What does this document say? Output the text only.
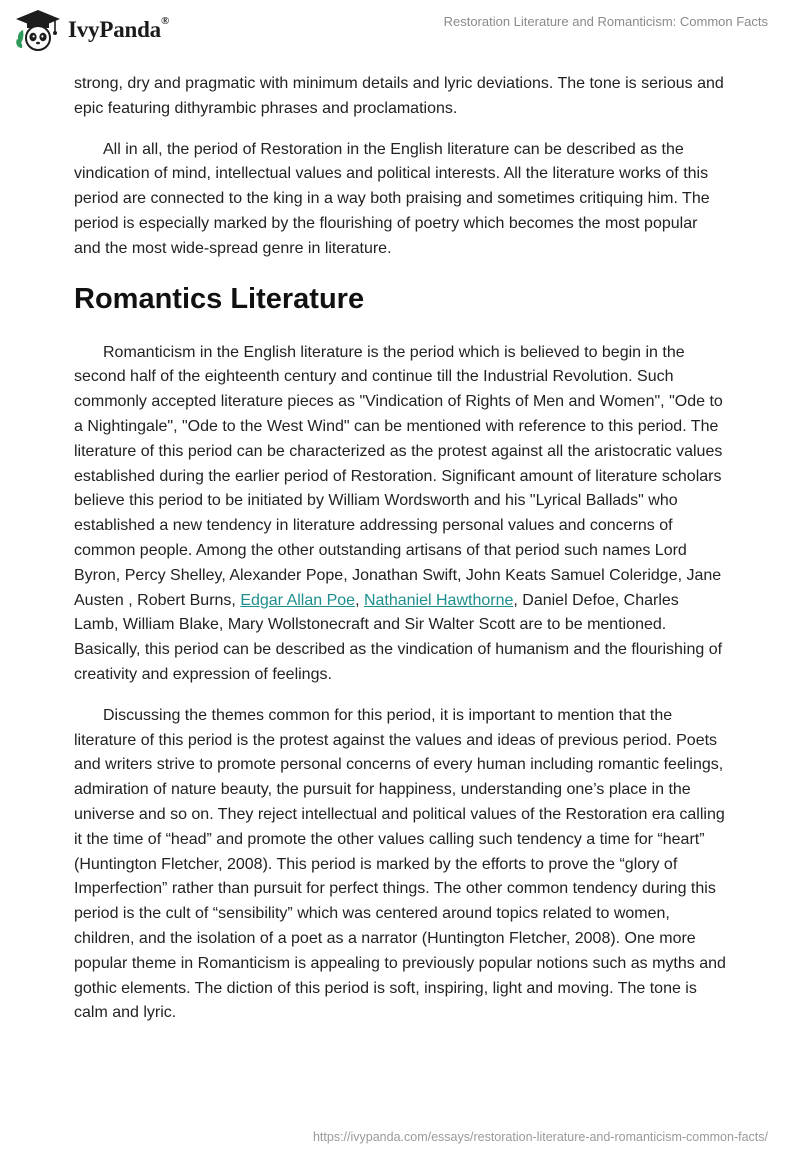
IvyPanda®	Restoration Literature and Romanticism: Common Facts

strong, dry and pragmatic with minimum details and lyric deviations. The tone is serious and epic featuring dithyrambic phrases and proclamations.

All in all, the period of Restoration in the English literature can be described as the vindication of mind, intellectual values and political interests. All the literature works of this period are connected to the king in a way both praising and sometimes critiquing him. The period is especially marked by the flourishing of poetry which becomes the most popular and the most wide-spread genre in literature.

Romantics Literature

Romanticism in the English literature is the period which is believed to begin in the second half of the eighteenth century and continue till the Industrial Revolution. Such commonly accepted literature pieces as "Vindication of Rights of Men and Women", "Ode to a Nightingale", "Ode to the West Wind" can be mentioned with reference to this period. The literature of this period can be characterized as the protest against all the aristocratic values established during the earlier period of Restoration. Significant amount of literature scholars believe this period to be initiated by William Wordsworth and his "Lyrical Ballads" who established a new tendency in literature addressing personal values and concerns of common people. Among the other outstanding artisans of that period such names Lord Byron, Percy Shelley, Alexander Pope, Jonathan Swift, John Keats Samuel Coleridge, Jane Austen , Robert Burns, Edgar Allan Poe, Nathaniel Hawthorne, Daniel Defoe, Charles Lamb, William Blake, Mary Wollstonecraft and Sir Walter Scott are to be mentioned. Basically, this period can be described as the vindication of humanism and the flourishing of creativity and expression of feelings.

Discussing the themes common for this period, it is important to mention that the literature of this period is the protest against the values and ideas of previous period. Poets and writers strive to promote personal concerns of every human including romantic feelings, admiration of nature beauty, the pursuit for happiness, understanding one’s place in the universe and so on. They reject intellectual and political values of the Restoration era calling it the time of “head” and promote the other values calling such tendency a time for “heart” (Huntington Fletcher, 2008). This period is marked by the efforts to prove the “glory of Imperfection” rather than pursuit for perfect things. The other common tendency during this period is the cult of “sensibility” which was centered around topics related to women, children, and the isolation of a poet as a narrator (Huntington Fletcher, 2008). One more popular theme in Romanticism is appealing to previously popular notions such as myths and gothic elements. The diction of this period is soft, inspiring, light and moving. The tone is calm and lyric.

https://ivypanda.com/essays/restoration-literature-and-romanticism-common-facts/
